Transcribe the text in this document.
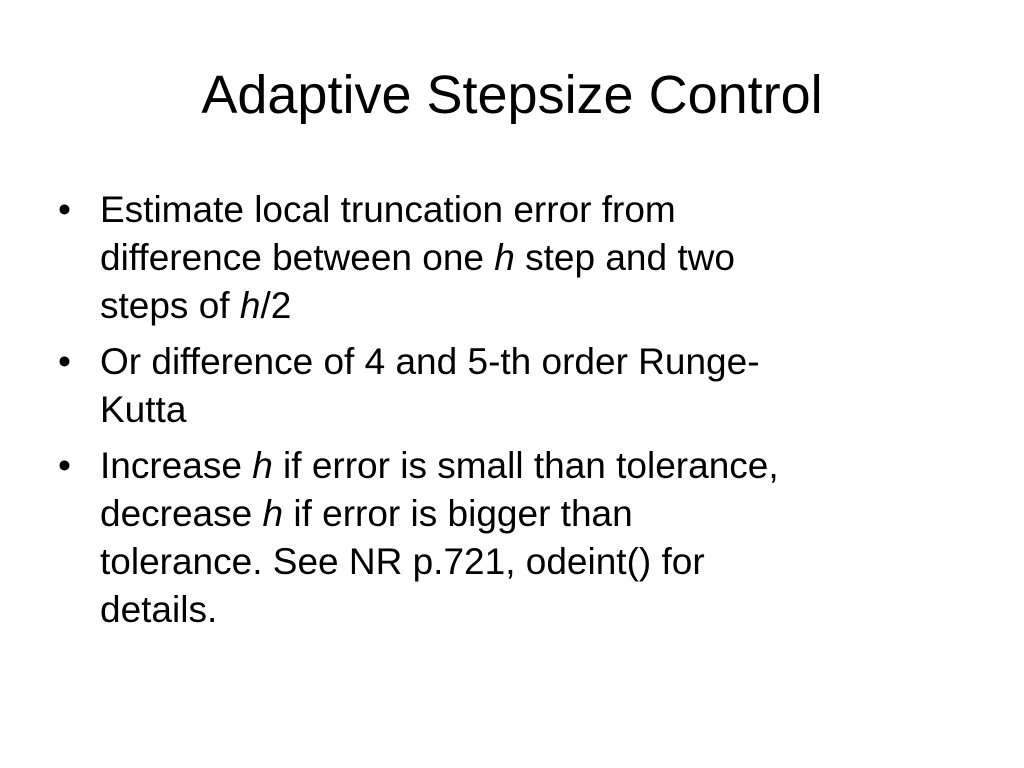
Adaptive Stepsize Control
• Estimate local truncation error from
difference between one h step and two
steps of h/2
• Or difference of 4 and 5-th order Runge-
Kutta
• Increase h if error is small than tolerance,
decrease h if error is bigger than
tolerance. See NR p.721, odeint() for
details.
